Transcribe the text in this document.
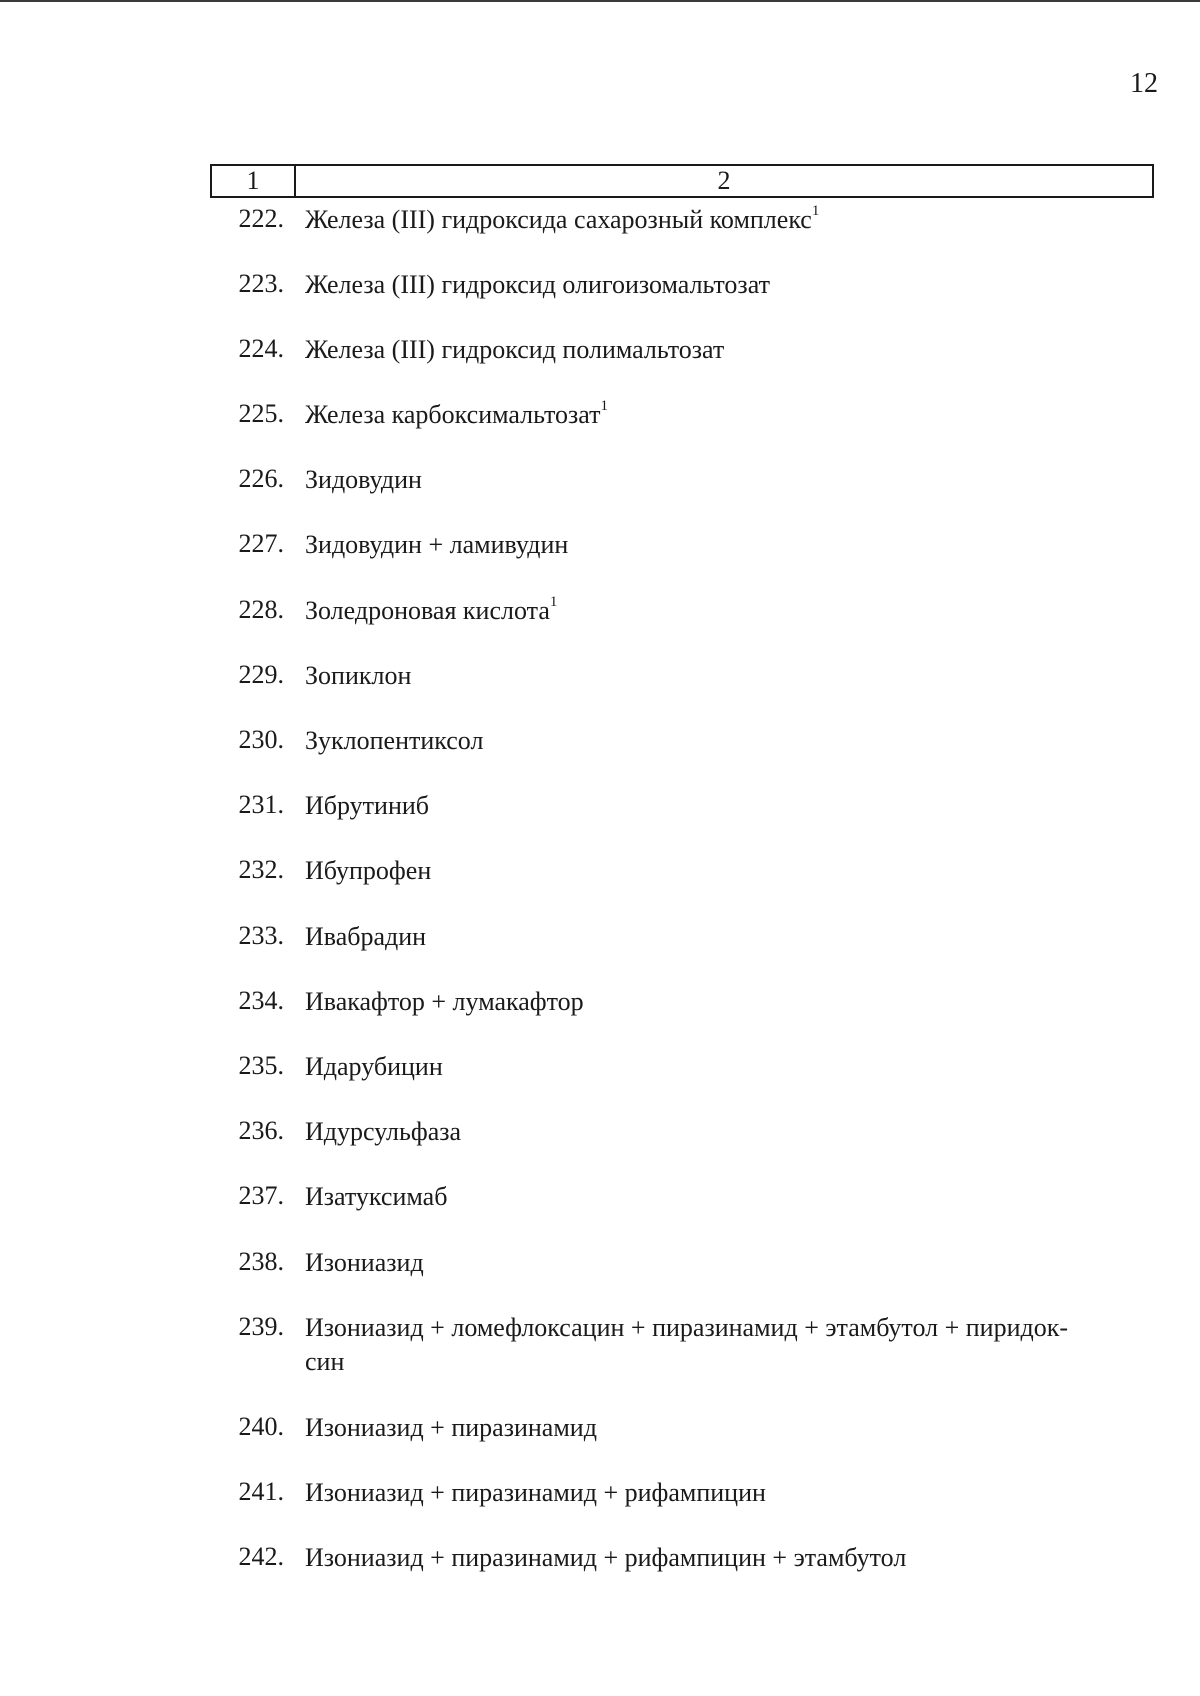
12
1	2
222. Железа (III) гидроксида сахарозный комплекс$^1$
223. Железа (III) гидроксид олигоизомальтозат
224. Железа (III) гидроксид полимальтозат
225. Железа карбоксимальтозат$^1$
226. Зидовудин
227. Зидовудин + ламивудин
228. Золедроновая кислота$^1$
229. Зопиклон
230. Зуклопентиксол
231. Ибрутиниб
232. Ибупрофен
233. Ивабрадин
234. Ивакафтор + лумакафтор
235. Идарубицин
236. Идурсульфаза
237. Изатуксимаб
238. Изониазид
239. Изониазид + ломефлоксацин + пиразинамид + этамбутол + пиридок-
син
240. Изониазид + пиразинамид
241. Изониазид + пиразинамид + рифампицин
242. Изониазид + пиразинамид + рифампицин + этамбутол
